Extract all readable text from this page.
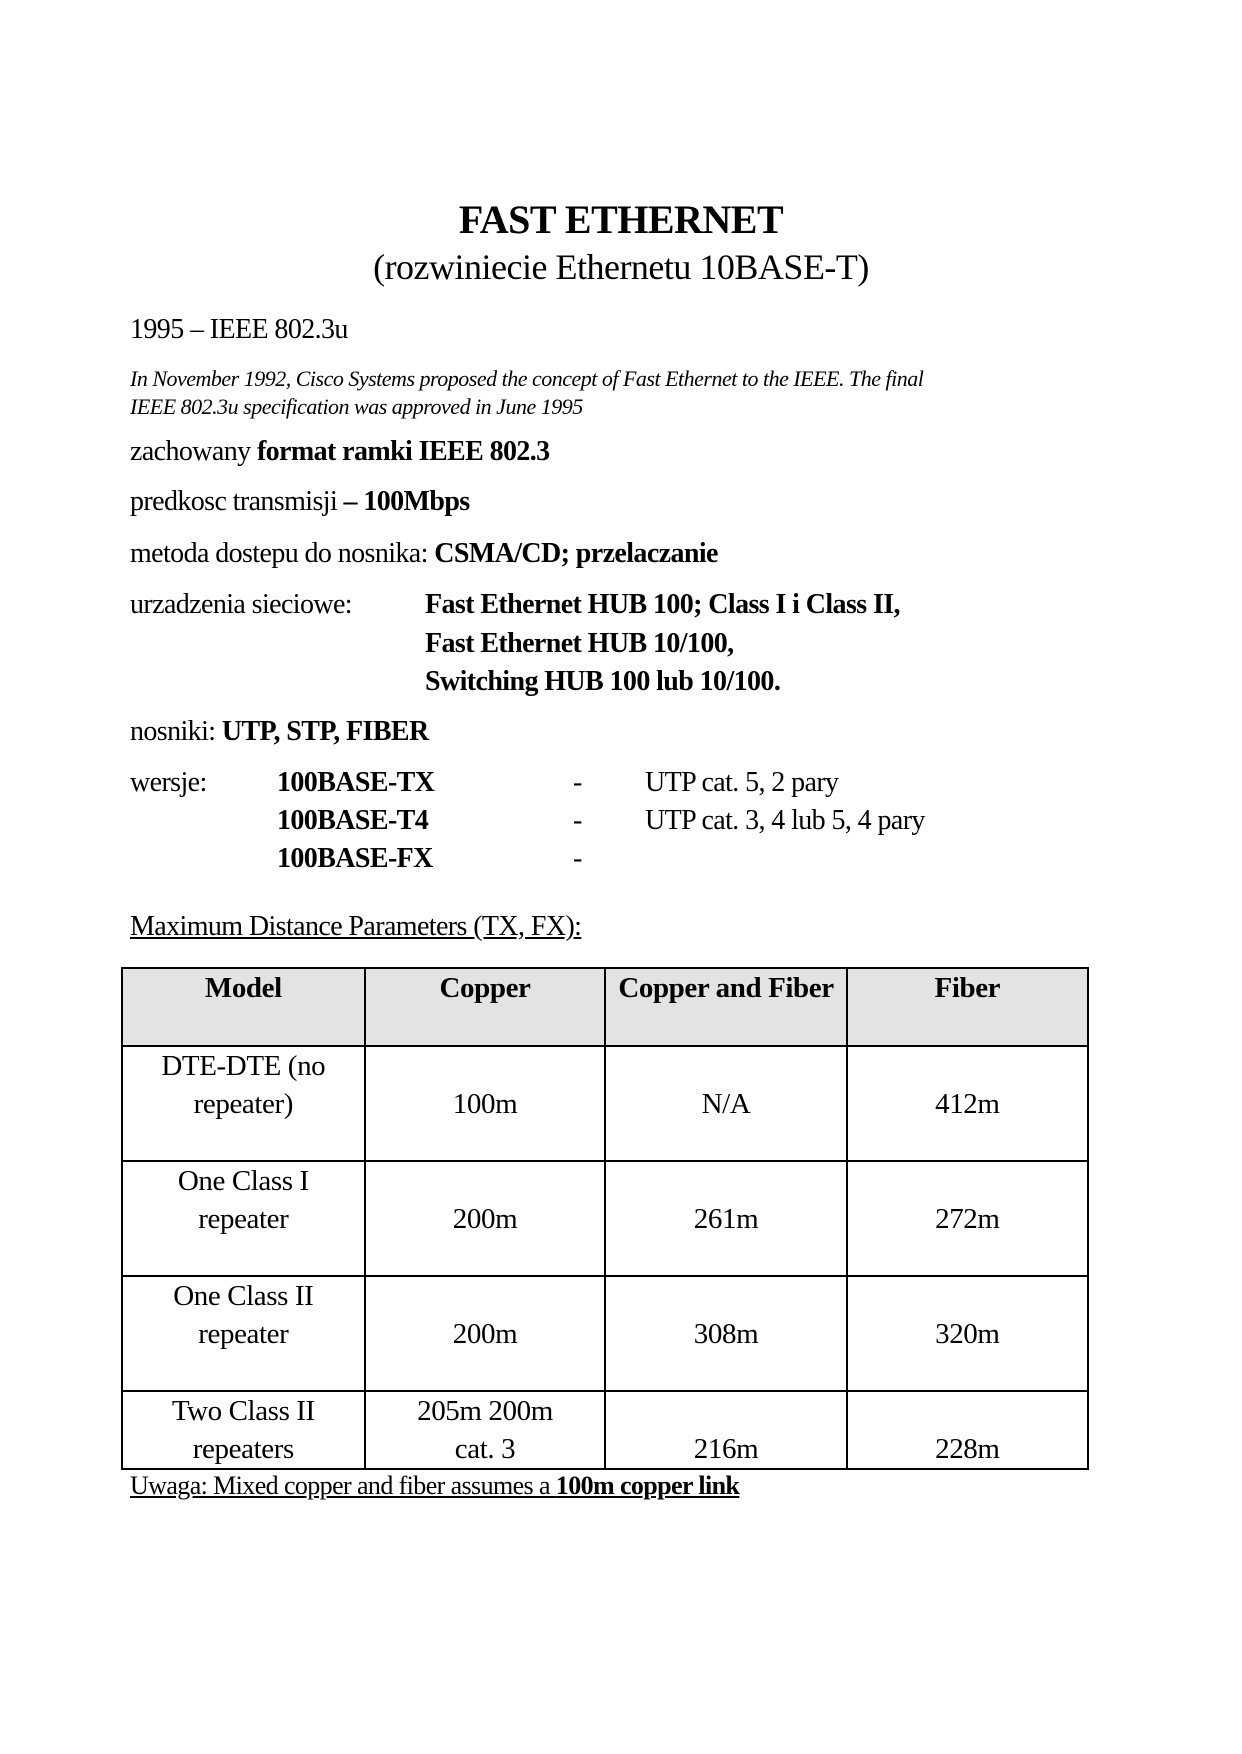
FAST ETHERNET
(rozwiniecie Ethernetu 10BASE-T)
1995 – IEEE 802.3u
In November 1992, Cisco Systems proposed the concept of Fast Ethernet to the IEEE. The final
IEEE 802.3u specification was approved in June 1995
zachowany format ramki IEEE 802.3
predkosc transmisji – 100Mbps
metoda dostepu do nosnika: CSMA/CD; przelaczanie
urzadzenia sieciowe:	Fast Ethernet HUB 100; Class I i Class II,
Fast Ethernet HUB 10/100,
Switching HUB 100 lub 10/100.
nosniki: UTP, STP, FIBER
wersje:	100BASE-TX	- UTP cat. 5, 2 pary
100BASE-T4	- UTP cat. 3, 4 lub 5, 4 pary
100BASE-FX	-
Maximum Distance Parameters (TX, FX):
Model	Copper	Copper and Fiber	Fiber
DTE-DTE (no repeater)	100m	N/A	412m
One Class I repeater	200m	261m	272m
One Class II repeater	200m	308m	320m
Two Class II repeaters	205m 200m cat. 3	216m	228m
Uwaga: Mixed copper and fiber assumes a 100m copper link
